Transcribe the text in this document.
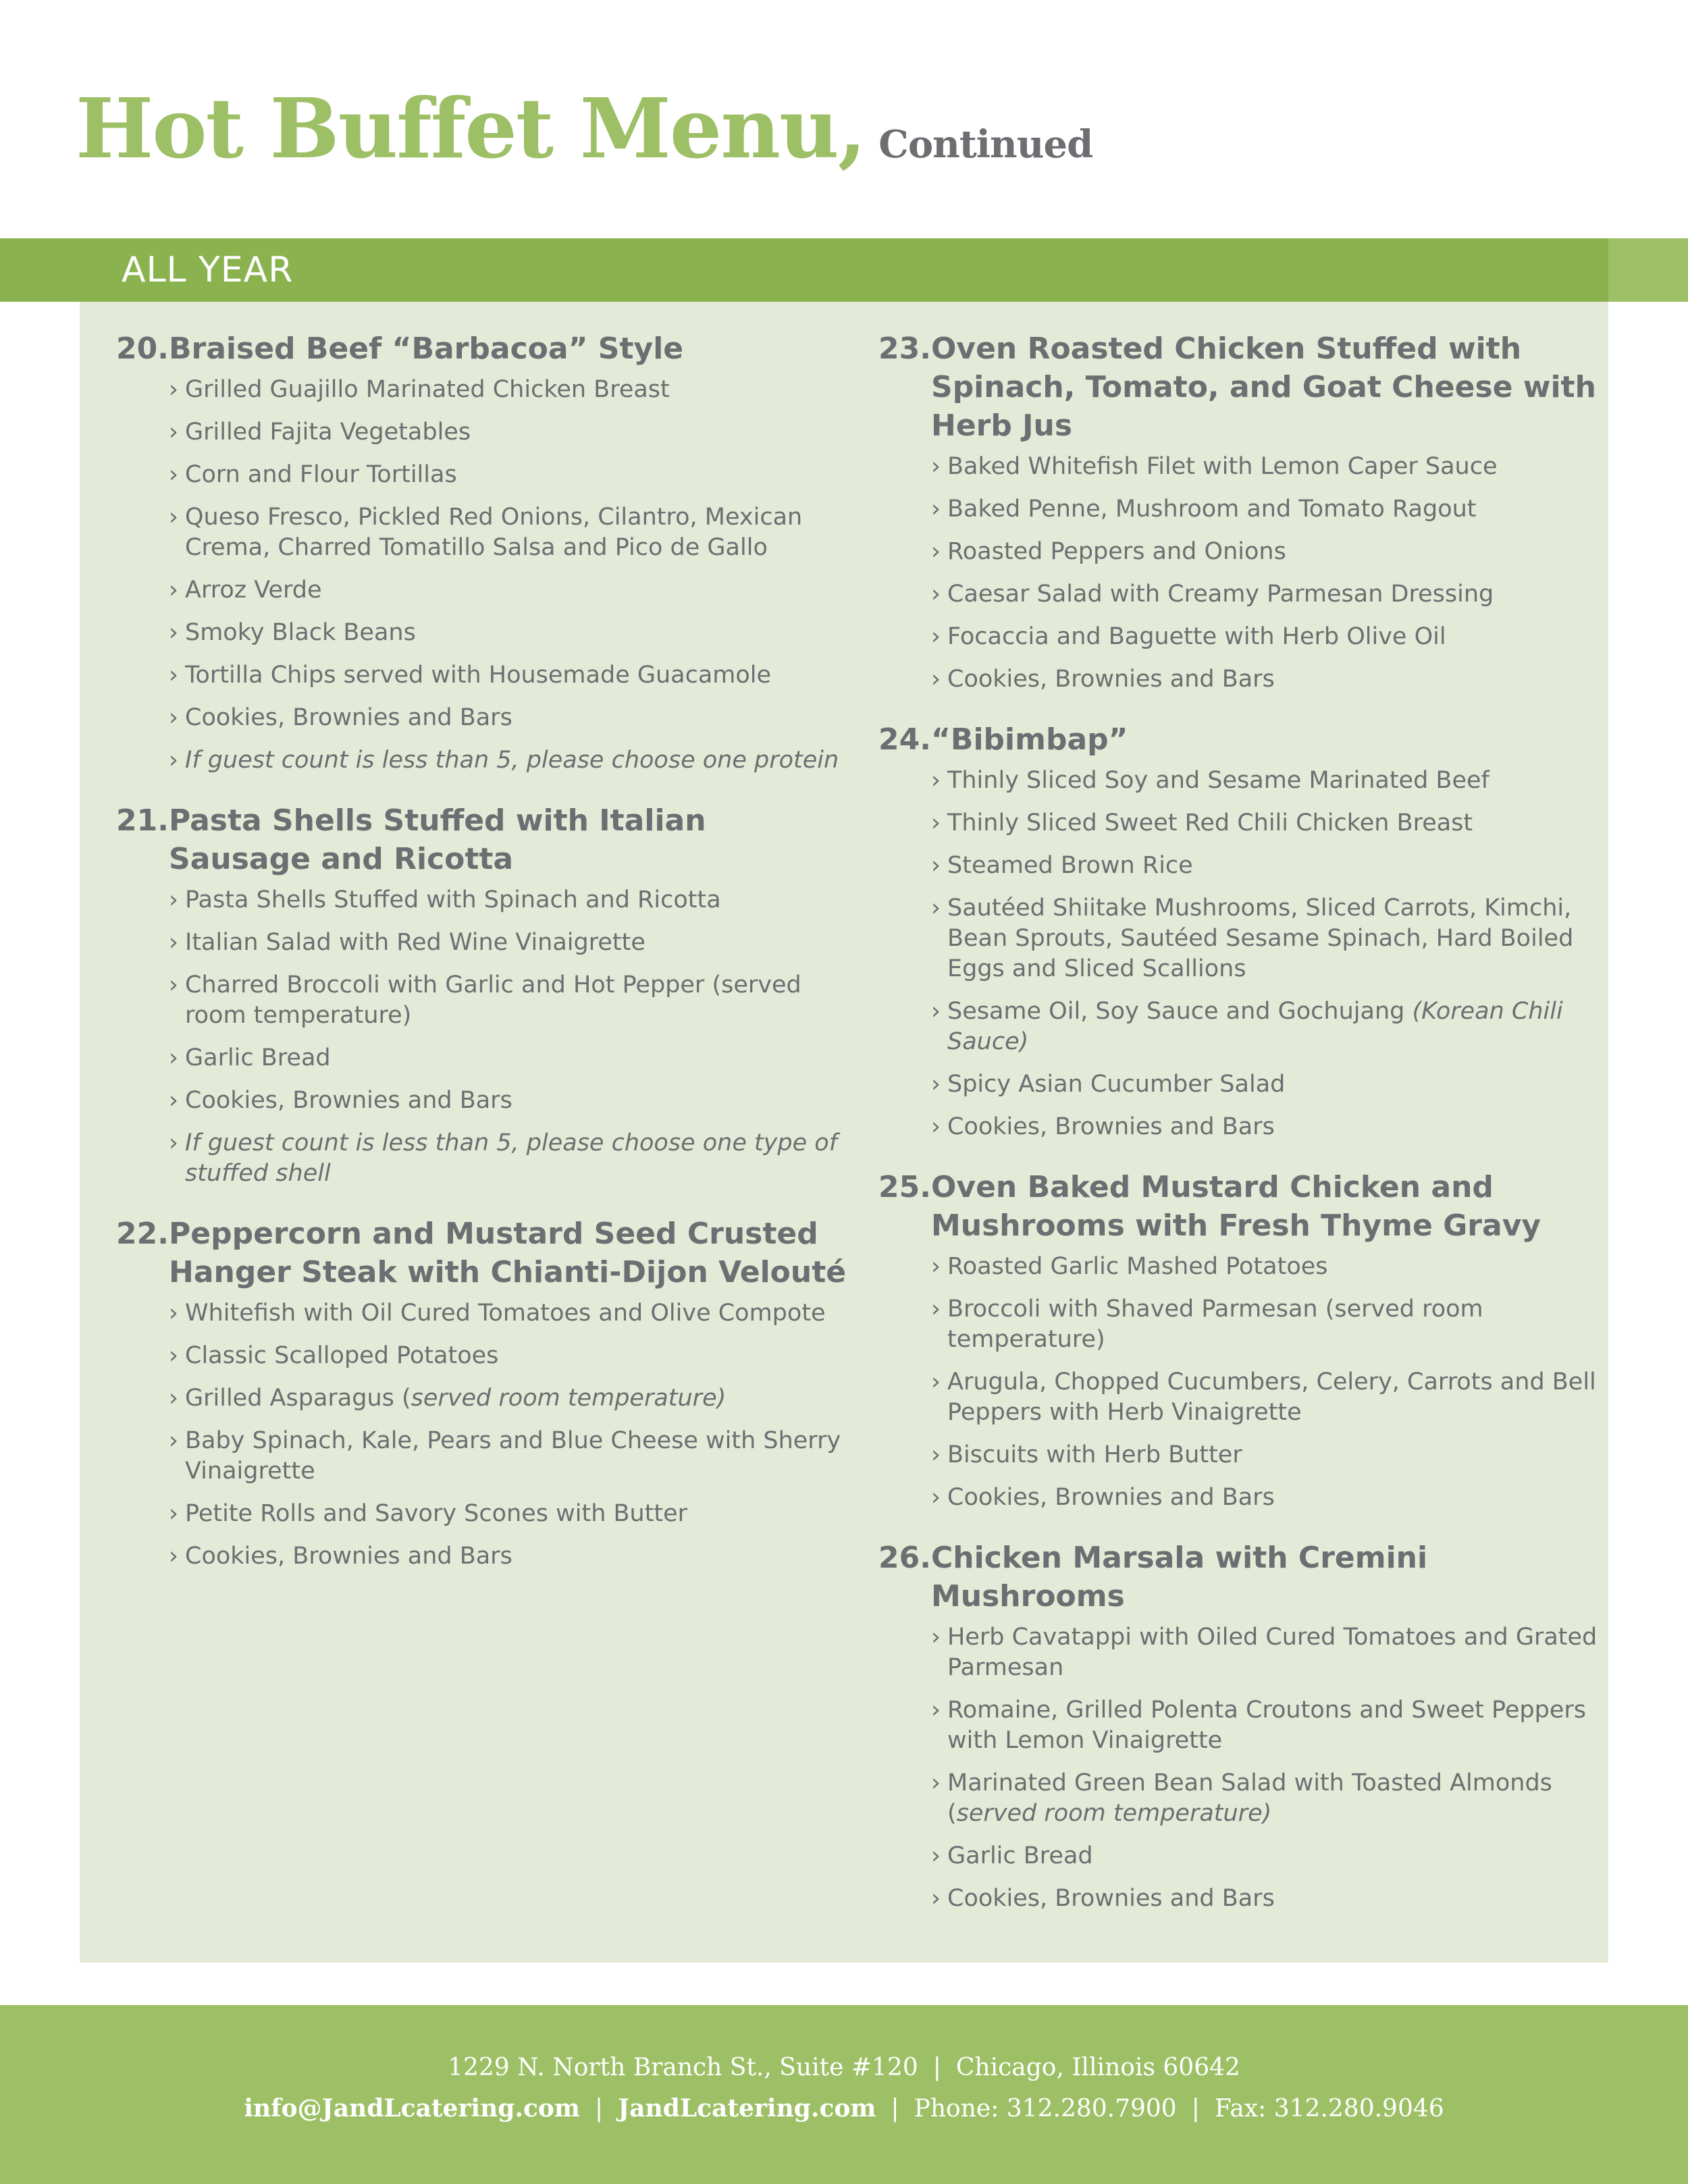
Hot Buffet Menu, Continued
ALL YEAR
20. Braised Beef “Barbacoa” Style
› Grilled Guajillo Marinated Chicken Breast
› Grilled Fajita Vegetables
› Corn and Flour Tortillas
› Queso Fresco, Pickled Red Onions, Cilantro, Mexican Crema, Charred Tomatillo Salsa and Pico de Gallo
› Arroz Verde
› Smoky Black Beans
› Tortilla Chips served with Housemade Guacamole
› Cookies, Brownies and Bars
› If guest count is less than 5, please choose one protein
21. Pasta Shells Stuffed with Italian Sausage and Ricotta
› Pasta Shells Stuffed with Spinach and Ricotta
› Italian Salad with Red Wine Vinaigrette
› Charred Broccoli with Garlic and Hot Pepper (served room temperature)
› Garlic Bread
› Cookies, Brownies and Bars
› If guest count is less than 5, please choose one type of stuffed shell
22. Peppercorn and Mustard Seed Crusted Hanger Steak with Chianti-Dijon Velouté
› Whitefish with Oil Cured Tomatoes and Olive Compote
› Classic Scalloped Potatoes
› Grilled Asparagus (served room temperature)
› Baby Spinach, Kale, Pears and Blue Cheese with Sherry Vinaigrette
› Petite Rolls and Savory Scones with Butter
› Cookies, Brownies and Bars
23. Oven Roasted Chicken Stuffed with Spinach, Tomato, and Goat Cheese with Herb Jus
› Baked Whitefish Filet with Lemon Caper Sauce
› Baked Penne, Mushroom and Tomato Ragout
› Roasted Peppers and Onions
› Caesar Salad with Creamy Parmesan Dressing
› Focaccia and Baguette with Herb Olive Oil
› Cookies, Brownies and Bars
24. “Bibimbap”
› Thinly Sliced Soy and Sesame Marinated Beef
› Thinly Sliced Sweet Red Chili Chicken Breast
› Steamed Brown Rice
› Sautéed Shiitake Mushrooms, Sliced Carrots, Kimchi, Bean Sprouts, Sautéed Sesame Spinach, Hard Boiled Eggs and Sliced Scallions
› Sesame Oil, Soy Sauce and Gochujang (Korean Chili Sauce)
› Spicy Asian Cucumber Salad
› Cookies, Brownies and Bars
25. Oven Baked Mustard Chicken and Mushrooms with Fresh Thyme Gravy
› Roasted Garlic Mashed Potatoes
› Broccoli with Shaved Parmesan (served room temperature)
› Arugula, Chopped Cucumbers, Celery, Carrots and Bell Peppers with Herb Vinaigrette
› Biscuits with Herb Butter
› Cookies, Brownies and Bars
26. Chicken Marsala with Cremini Mushrooms
› Herb Cavatappi with Oiled Cured Tomatoes and Grated Parmesan
› Romaine, Grilled Polenta Croutons and Sweet Peppers with Lemon Vinaigrette
› Marinated Green Bean Salad with Toasted Almonds (served room temperature)
› Garlic Bread
› Cookies, Brownies and Bars
1229 N. North Branch St., Suite #120 | Chicago, Illinois 60642
info@JandLcatering.com | JandLcatering.com | Phone: 312.280.7900 | Fax: 312.280.9046
